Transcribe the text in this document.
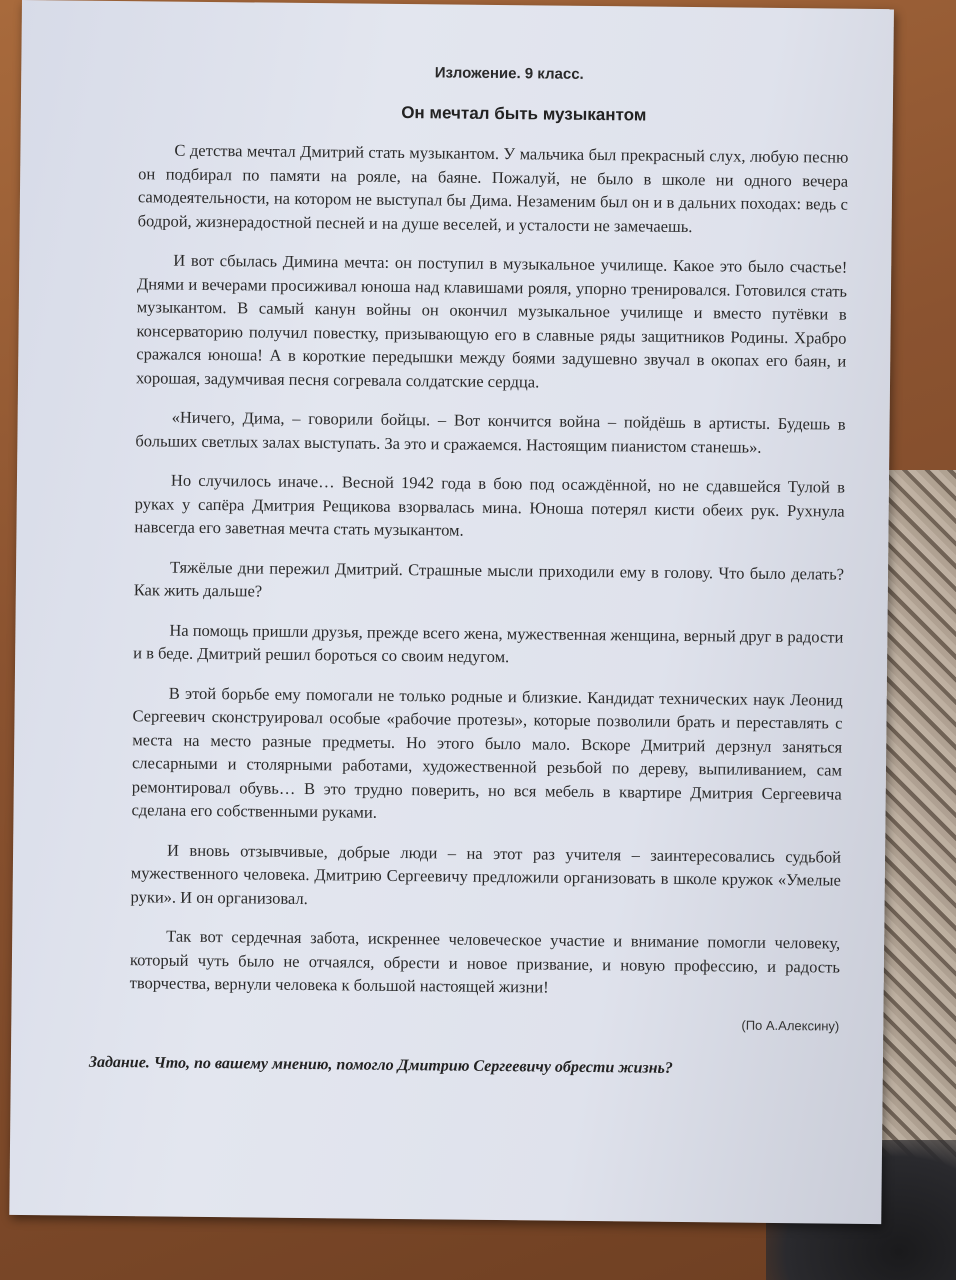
Изложение. 9 класс.
Он мечтал быть музыкантом

С детства мечтал Дмитрий стать музыкантом. У мальчика был прекрасный слух, любую песню он подбирал по памяти на рояле, на баяне. Пожалуй, не было в школе ни одного вечера самодеятельности, на котором не выступал бы Дима. Незаменим был он и в дальних походах: ведь с бодрой, жизнерадостной песней и на душе веселей, и усталости не замечаешь.

И вот сбылась Димина мечта: он поступил в музыкальное училище. Какое это было счастье! Днями и вечерами просиживал юноша над клавишами рояля, упорно тренировался. Готовился стать музыкантом. В самый канун войны он окончил музыкальное училище и вместо путёвки в консерваторию получил повестку, призывающую его в славные ряды защитников Родины. Храбро сражался юноша! А в короткие передышки между боями задушевно звучал в окопах его баян, и хорошая, задумчивая песня согревала солдатские сердца.

«Ничего, Дима, – говорили бойцы. – Вот кончится война – пойдёшь в артисты. Будешь в больших светлых залах выступать. За это и сражаемся. Настоящим пианистом станешь».

Но случилось иначе… Весной 1942 года в бою под осаждённой, но не сдавшейся Тулой в руках у сапёра Дмитрия Рещикова взорвалась мина. Юноша потерял кисти обеих рук. Рухнула навсегда его заветная мечта стать музыкантом.

Тяжёлые дни пережил Дмитрий. Страшные мысли приходили ему в голову. Что было делать? Как жить дальше?

На помощь пришли друзья, прежде всего жена, мужественная женщина, верный друг в радости и в беде. Дмитрий решил бороться со своим недугом.

В этой борьбе ему помогали не только родные и близкие. Кандидат технических наук Леонид Сергеевич сконструировал особые «рабочие протезы», которые позволили брать и переставлять с места на место разные предметы. Но этого было мало. Вскоре Дмитрий дерзнул заняться слесарными и столярными работами, художественной резьбой по дереву, выпиливанием, сам ремонтировал обувь… В это трудно поверить, но вся мебель в квартире Дмитрия Сергеевича сделана его собственными руками.

И вновь отзывчивые, добрые люди – на этот раз учителя – заинтересовались судьбой мужественного человека. Дмитрию Сергеевичу предложили организовать в школе кружок «Умелые руки». И он организовал.

Так вот сердечная забота, искреннее человеческое участие и внимание помогли человеку, который чуть было не отчаялся, обрести и новое призвание, и новую профессию, и радость творчества, вернули человека к большой настоящей жизни!

(По А.Алексину)
Задание. Что, по вашему мнению, помогло Дмитрию Сергеевичу обрести жизнь?
